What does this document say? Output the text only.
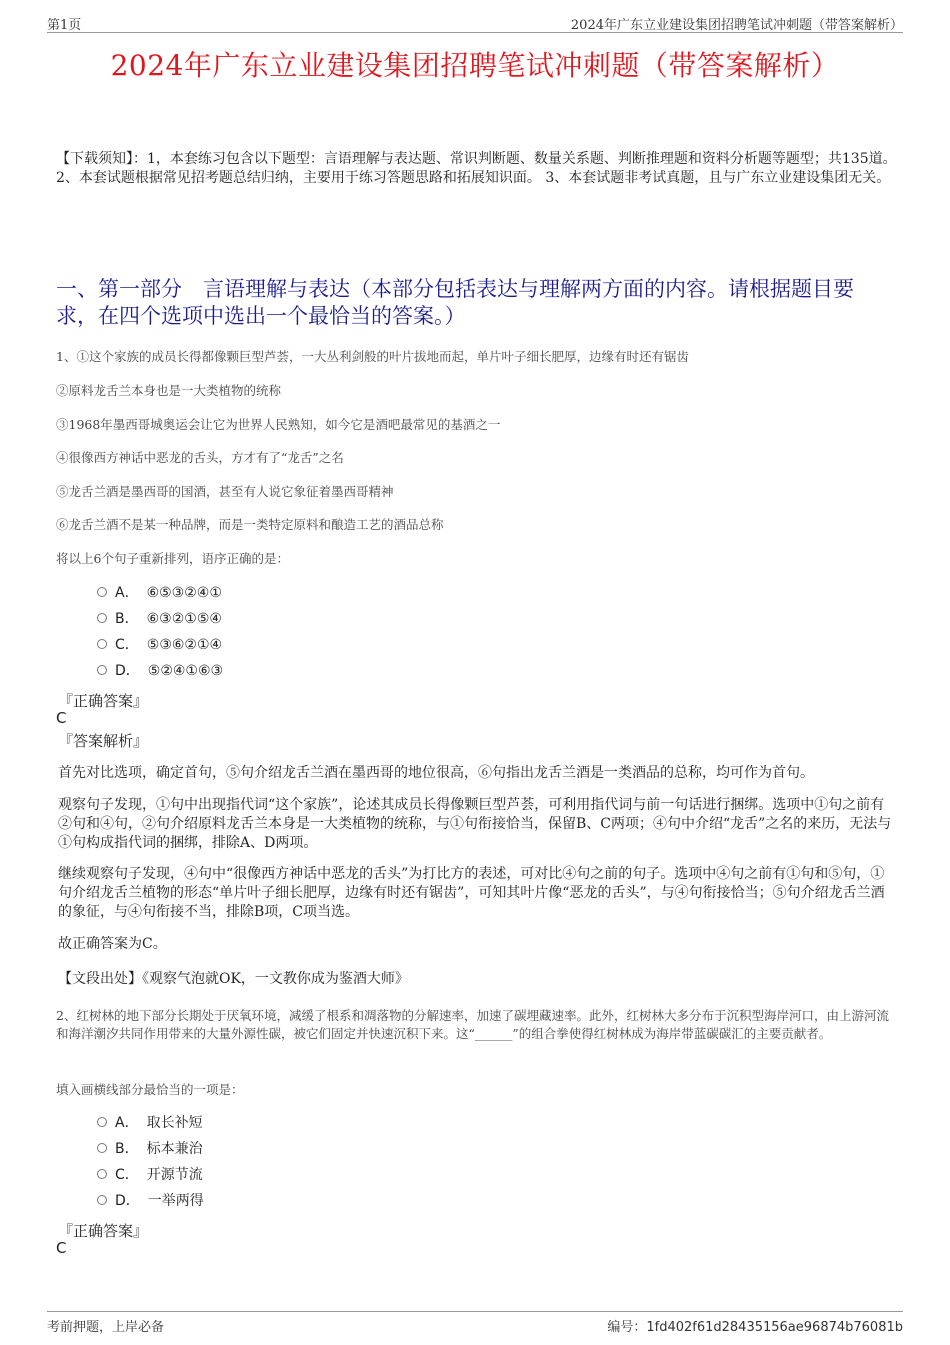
第1页	2024年广东立业建设集团招聘笔试冲刺题（带答案解析）
2024年广东立业建设集团招聘笔试冲刺题（带答案解析）
【下载须知】：1，本套练习包含以下题型：言语理解与表达题、常识判断题、数量关系题、判断推理题和资料分析题等题型；共135道。 2、本套试题根据常见招考题总结归纳，主要用于练习答题思路和拓展知识面。 3、本套试题非考试真题，且与广东立业建设集团无关。
一、第一部分　言语理解与表达（本部分包括表达与理解两方面的内容。请根据题目要求，在四个选项中选出一个最恰当的答案。）
1、①这个家族的成员长得都像颗巨型芦荟，一大丛利剑般的叶片拔地而起，单片叶子细长肥厚，边缘有时还有锯齿
②原料龙舌兰本身也是一大类植物的统称
③1968年墨西哥城奥运会让它为世界人民熟知，如今它是酒吧最常见的基酒之一
④很像西方神话中恶龙的舌头，方才有了“龙舌”之名
⑤龙舌兰酒是墨西哥的国酒，甚至有人说它象征着墨西哥精神
⑥龙舌兰酒不是某一种品牌，而是一类特定原料和酿造工艺的酒品总称
将以上6个句子重新排列，语序正确的是：
A． ⑥⑤③②④①
B． ⑥③②①⑤④
C． ⑤③⑥②①④
D． ⑤②④①⑥③
『正确答案』
C
『答案解析』
首先对比选项，确定首句，⑤句介绍龙舌兰酒在墨西哥的地位很高，⑥句指出龙舌兰酒是一类酒品的总称，均可作为首句。
观察句子发现，①句中出现指代词“这个家族”，论述其成员长得像颗巨型芦荟，可利用指代词与前一句话进行捆绑。选项中①句之前有②句和④句，②句介绍原料龙舌兰本身是一大类植物的统称，与①句衔接恰当，保留B、C两项；④句中介绍“龙舌”之名的来历，无法与①句构成指代词的捆绑，排除A、D两项。
继续观察句子发现，④句中“很像西方神话中恶龙的舌头”为打比方的表述，可对比④句之前的句子。选项中④句之前有①句和⑤句，①句介绍龙舌兰植物的形态“单片叶子细长肥厚，边缘有时还有锯齿”，可知其叶片像“恶龙的舌头”，与④句衔接恰当；⑤句介绍龙舌兰酒的象征，与④句衔接不当，排除B项，C项当选。
故正确答案为C。
【文段出处】《观察气泡就OK，一文教你成为鉴酒大师》
2、红树林的地下部分长期处于厌氧环境，减缓了根系和凋落物的分解速率，加速了碳埋藏速率。此外，红树林大多分布于沉积型海岸河口，由上游河流和海洋潮汐共同作用带来的大量外源性碳，被它们固定并快速沉积下来。这“______”的组合拳使得红树林成为海岸带蓝碳碳汇的主要贡献者。
填入画横线部分最恰当的一项是：
A． 取长补短
B． 标本兼治
C． 开源节流
D． 一举两得
『正确答案』
C
考前押题，上岸必备	编号：1fd402f61d28435156ae96874b76081b
